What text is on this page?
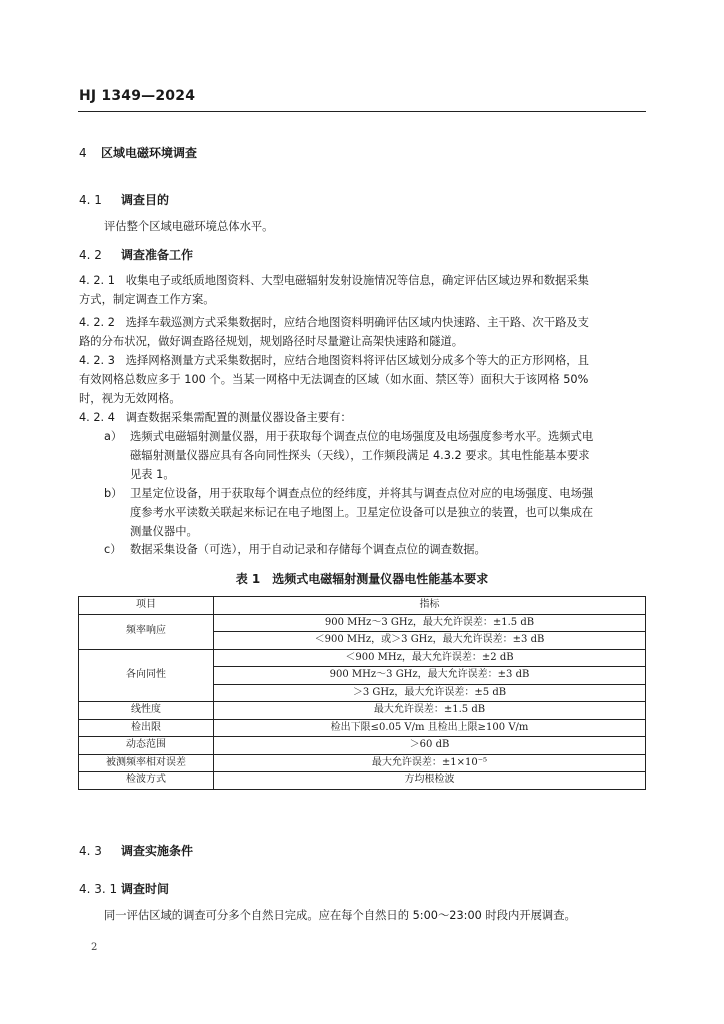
HJ 1349—2024
4 区域电磁环境调查
4. 1 调查目的
评估整个区域电磁环境总体水平。
4. 2 调查准备工作
4. 2. 1 收集电子或纸质地图资料、大型电磁辐射发射设施情况等信息，确定评估区域边界和数据采集
方式，制定调查工作方案。
4. 2. 2 选择车载巡测方式采集数据时，应结合地图资料明确评估区域内快速路、主干路、次干路及支
路的分布状况，做好调查路径规划，规划路径时尽量避让高架快速路和隧道。
4. 2. 3 选择网格测量方式采集数据时，应结合地图资料将评估区域划分成多个等大的正方形网格，且
有效网格总数应多于 100 个。当某一网格中无法调查的区域（如水面、禁区等）面积大于该网格 50%
时，视为无效网格。
4. 2. 4 调查数据采集需配置的测量仪器设备主要有：
a） 选频式电磁辐射测量仪器，用于获取每个调查点位的电场强度及电场强度参考水平。选频式电
磁辐射测量仪器应具有各向同性探头（天线），工作频段满足 4.3.2 要求。其电性能基本要求
见表 1。
b） 卫星定位设备，用于获取每个调查点位的经纬度，并将其与调查点位对应的电场强度、电场强
度参考水平读数关联起来标记在电子地图上。卫星定位设备可以是独立的装置，也可以集成在
测量仪器中。
c） 数据采集设备（可选），用于自动记录和存储每个调查点位的调查数据。
表 1　选频式电磁辐射测量仪器电性能基本要求
项目	指标
频率响应	900 MHz～3 GHz，最大允许误差：±1.5 dB
	＜900 MHz，或＞3 GHz，最大允许误差：±3 dB
各向同性	＜900 MHz，最大允许误差：±2 dB
	900 MHz～3 GHz，最大允许误差：±3 dB
	＞3 GHz，最大允许误差：±5 dB
线性度	最大允许误差：±1.5 dB
检出限	检出下限≤0.05 V/m 且检出上限≥100 V/m
动态范围	＞60 dB
被测频率相对误差	最大允许误差：±1×10⁻⁵
检波方式	方均根检波
4. 3 调查实施条件
4. 3. 1 调查时间
同一评估区域的调查可分多个自然日完成。应在每个自然日的 5:00～23:00 时段内开展调查。
2
